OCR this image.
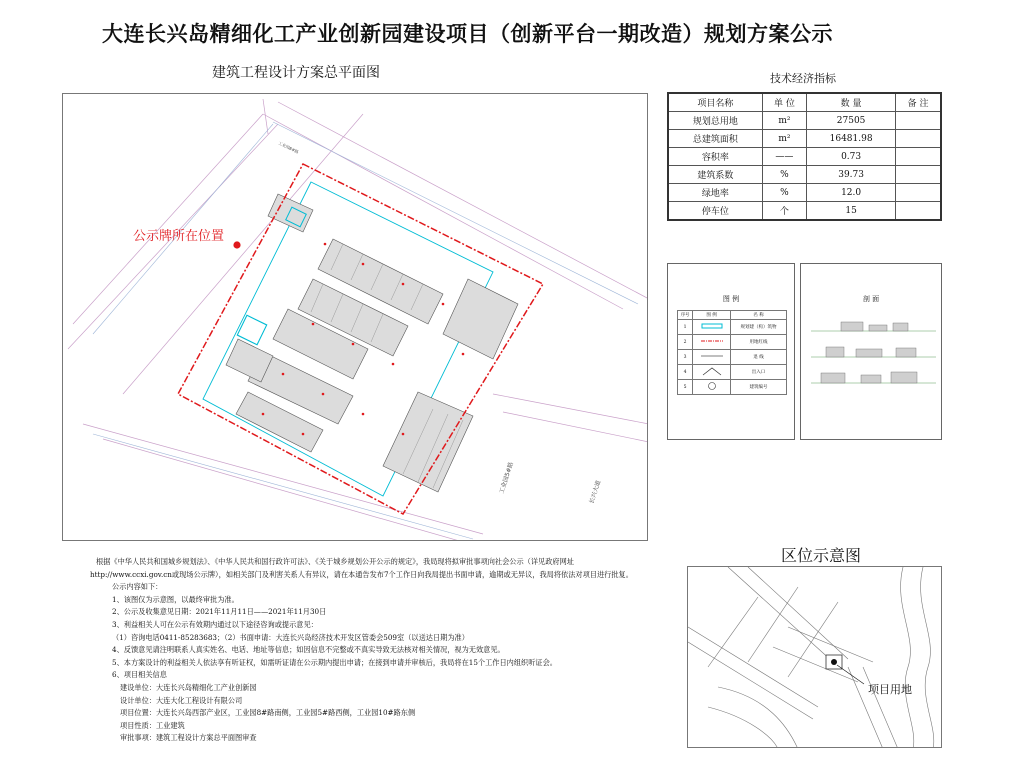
大连长兴岛精细化工产业创新园建设项目（创新平台一期改造）规划方案公示
建筑工程设计方案总平面图
工业园8#路
工业园5#路	长兴大道
公示牌所在位置
技术经济指标
项目名称	单 位	数 量	备 注
规划总用地	m²	27505	
总建筑面积	m²	16481.98	
容积率	——	0.73	
建筑系数	%	39.73	
绿地率	%	12.0	
停车位	个	15	
图 例
序号	图 例	名 称
1		规划建（构）筑物
2		用地红线
3		退 线
4		出入口
5		建筑编号
剖 面
根据《中华人民共和国城乡规划法》、《中华人民共和国行政许可法》、《关于城乡规划公开公示的规定》，我局现将拟审批事项向社会公示（详见政府网址
http://www.ccxi.gov.cn或现场公示牌），如相关部门及利害关系人有异议，请在本通告发布7个工作日向我局提出书面申请，逾期或无异议，我局将依法对项目进行批复。
公示内容如下：
1、该图仅为示意图，以最终审批为准。
2、公示及收集意见日期：2021年11月11日——2021年11月30日
3、利益相关人可在公示有效期内通过以下途径咨询或提示意见：
（1）咨询电话0411-85283683；（2）书面申请：大连长兴岛经济技术开发区管委会509室（以送达日期为准）
4、反馈意见请注明联系人真实姓名、电话、地址等信息；如因信息不完整或不真实导致无法核对相关情况，视为无效意见。
5、本方案设计的利益相关人依法享有听证权，如需听证请在公示期内提出申请；在接到申请并审核后，我局将在15个工作日内组织听证会。
6、项目相关信息
建设单位：大连长兴岛精细化工产业创新园
设计单位：大连大化工程设计有限公司
项目位置：大连长兴岛西部产业区，工业园8#路南侧，工业园5#路西侧，工业园10#路东侧
项目性质：工业建筑
审批事项：建筑工程设计方案总平面图审查
区位示意图
项目用地
